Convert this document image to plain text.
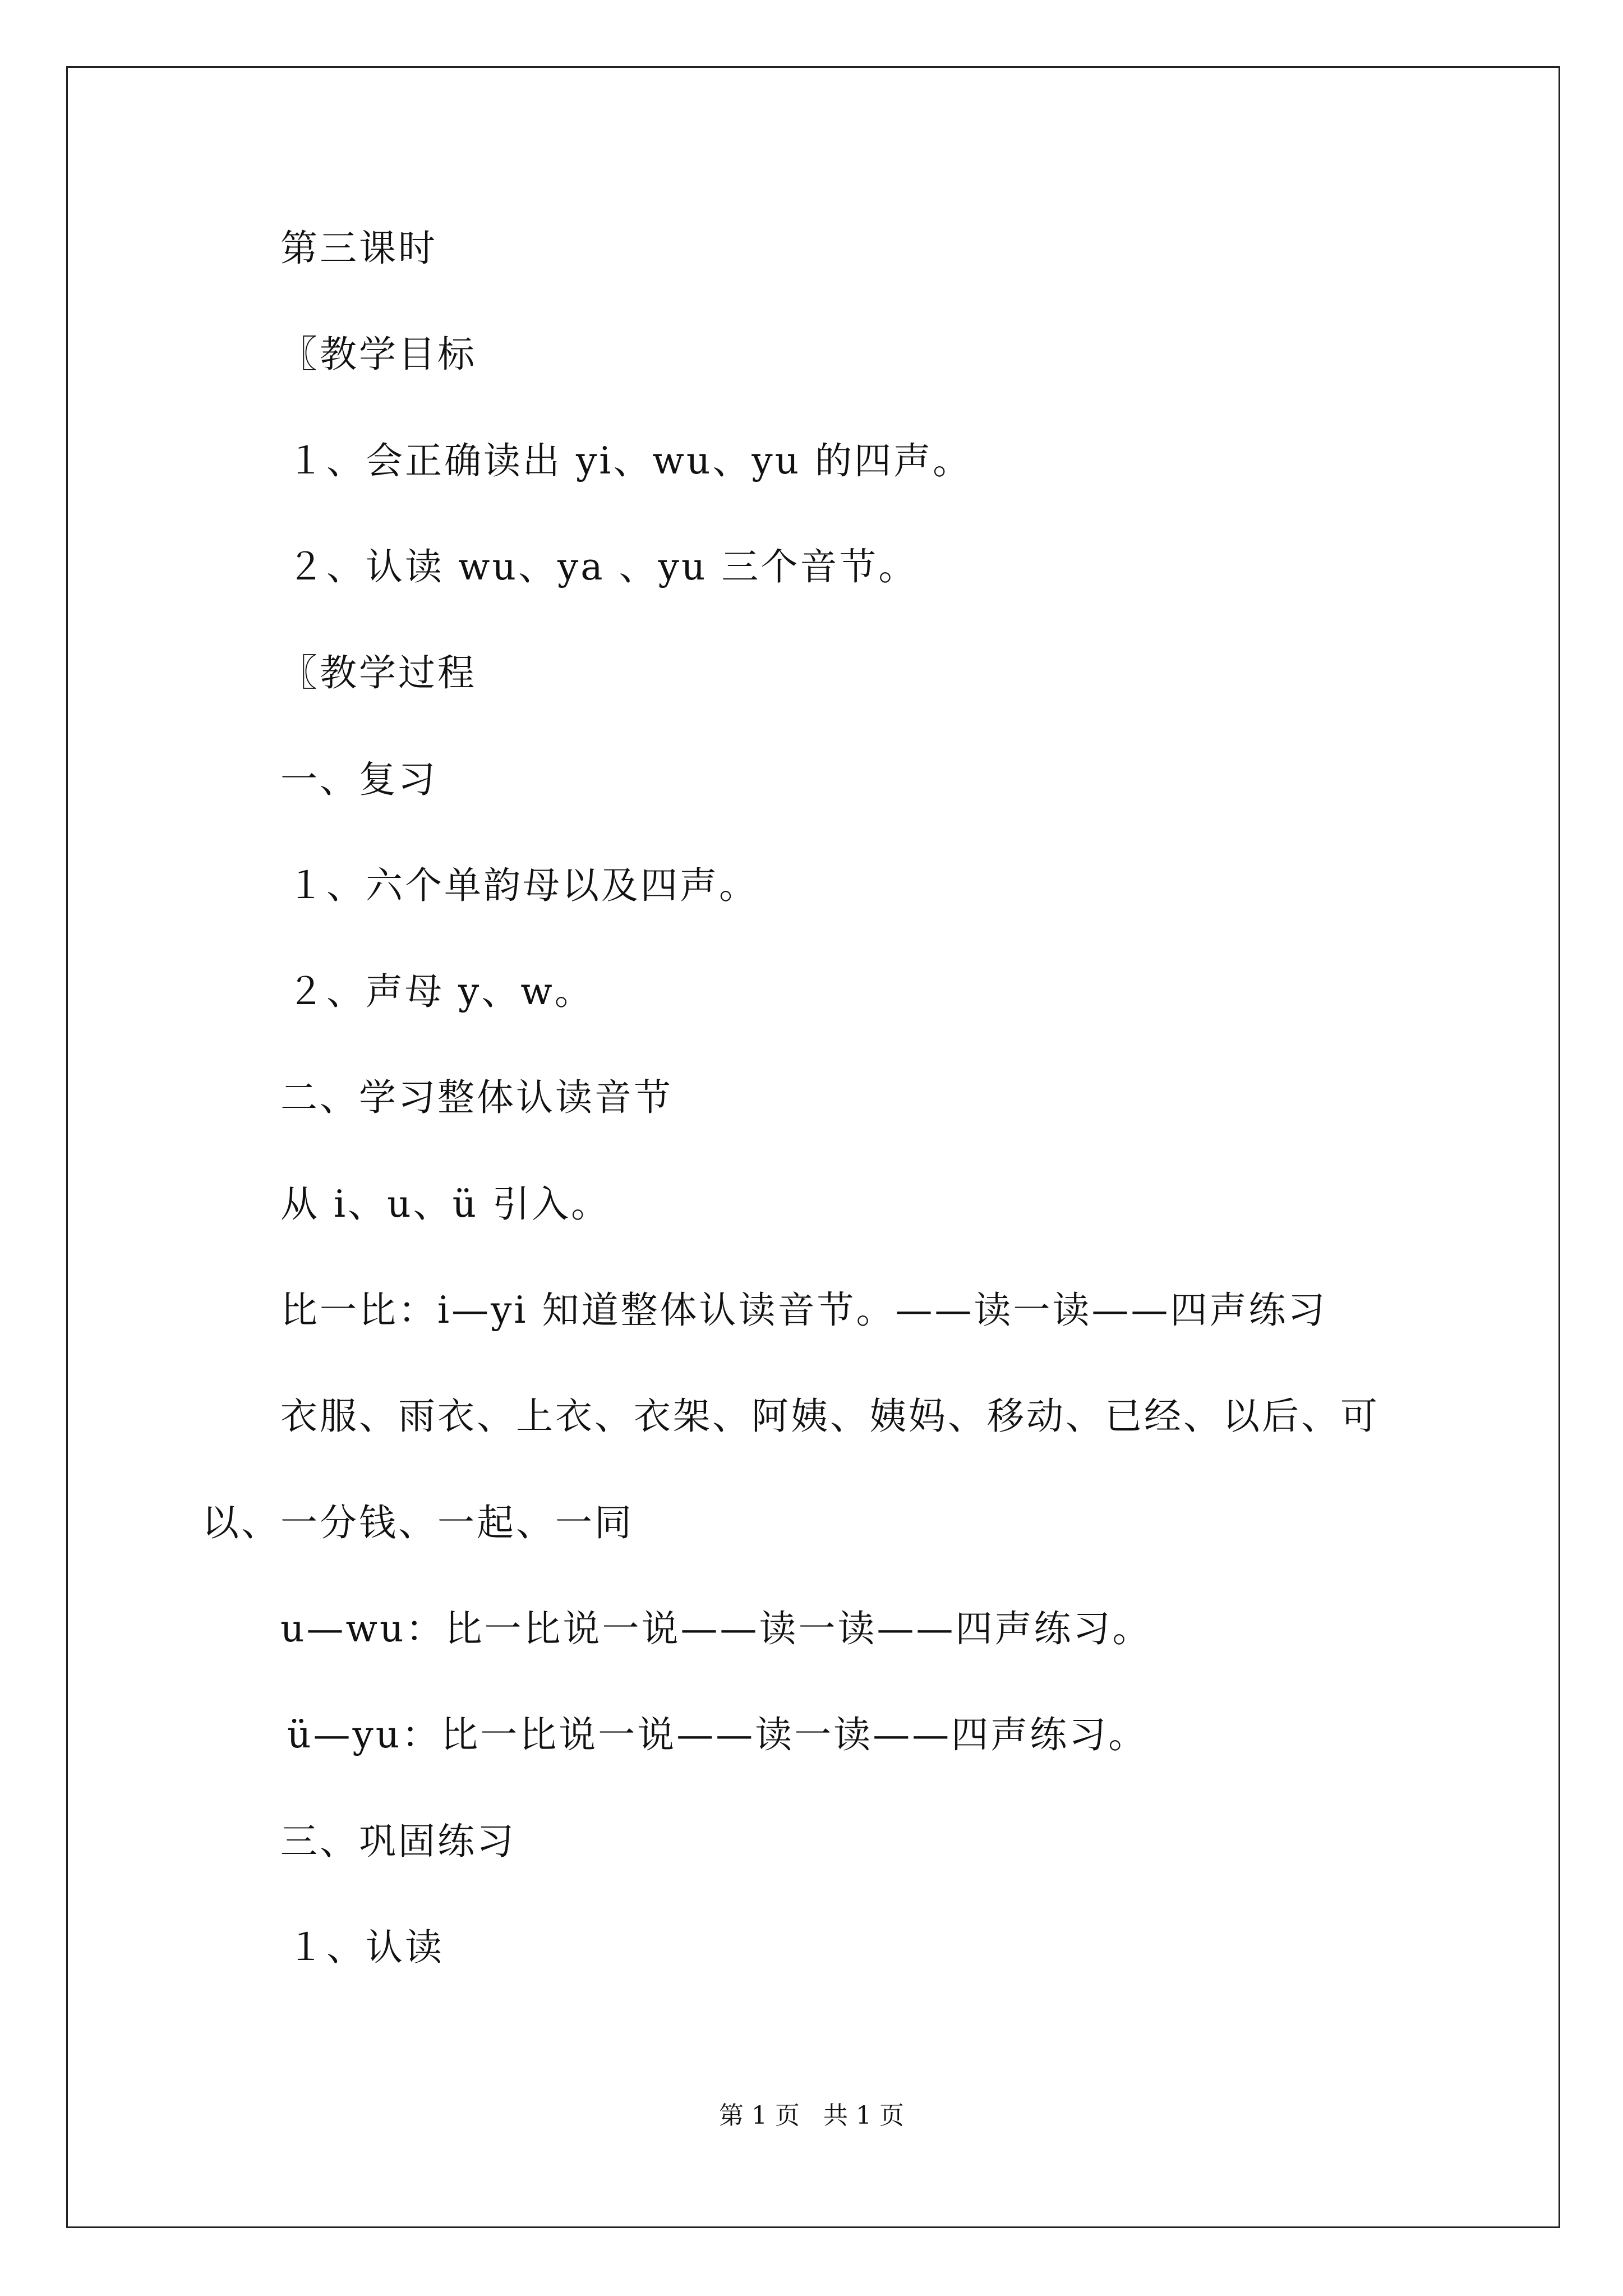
第三课时
〖教学目标
１、会正确读出 yi、wu、yu 的四声。
２、认读 wu、ya 、yu 三个音节。
〖教学过程
一、复习
１、六个单韵母以及四声。
２、声母 y、w。
二、学习整体认读音节
从 i、u、ü 引入。
比一比：i—yi 知道整体认读音节。——读一读——四声练习
衣服、雨衣、上衣、衣架、阿姨、姨妈、移动、已经、以后、可
以、一分钱、一起、一同
u—wu：比一比说一说——读一读——四声练习。
ü—yu：比一比说一说——读一读——四声练习。
三、巩固练习
１、认读
第 1 页   共 1 页
